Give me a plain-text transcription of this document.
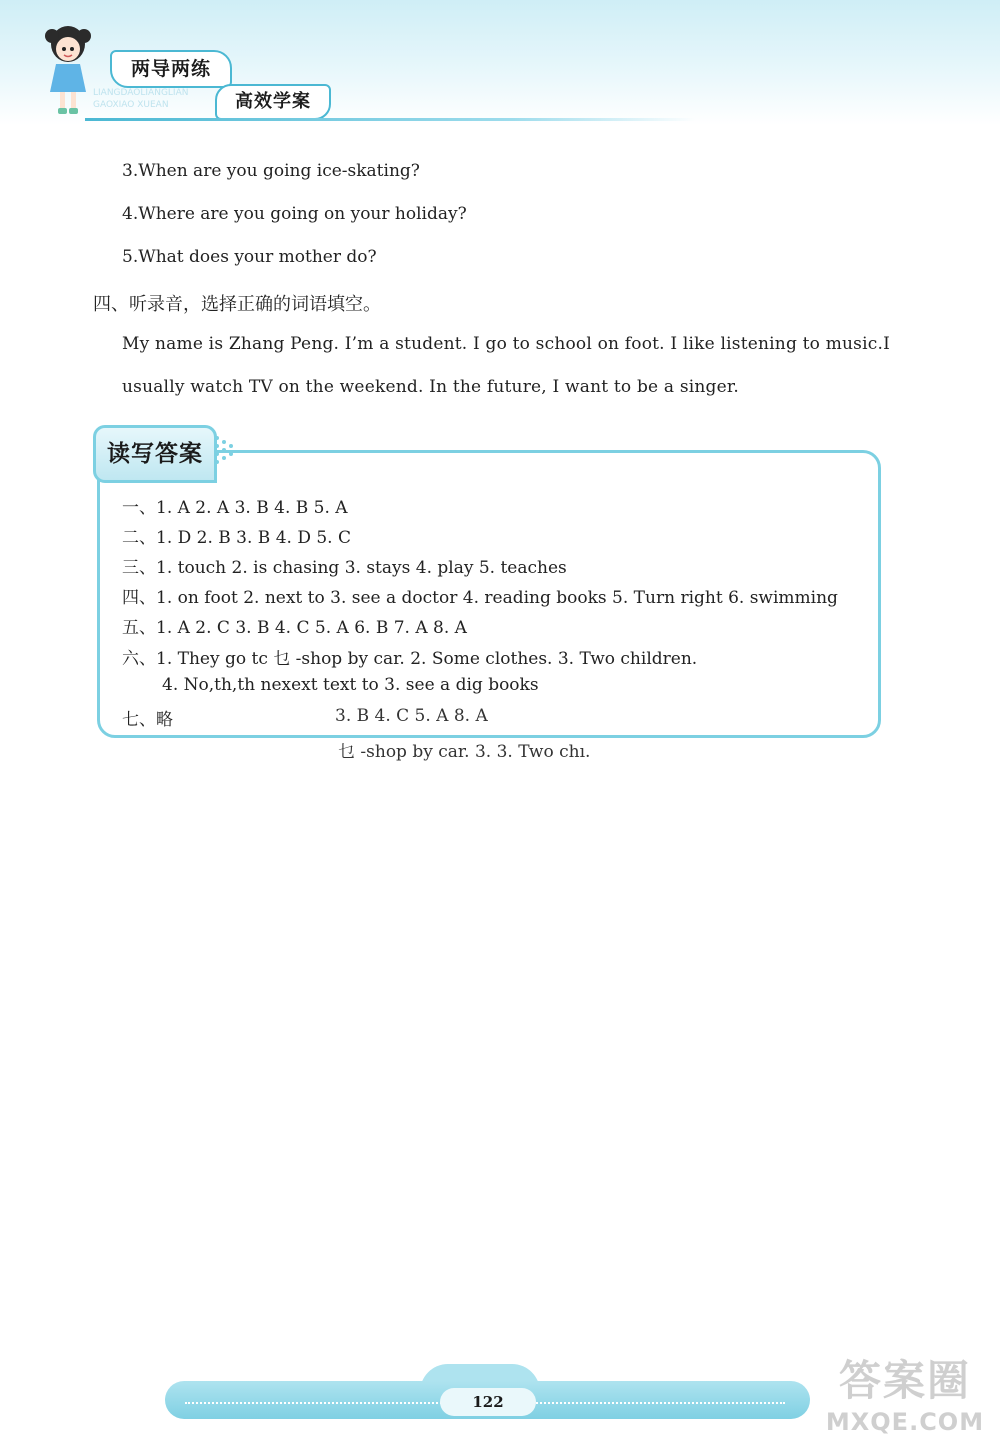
两导两练
LIANGDAOLIANGLIAN
GAOXIAO XUEAN	高效学案
3.When are you going ice-skating?
4.Where are you going on your holiday?
5.What does your mother do?
四、听录音，选择正确的词语填空。
My name is Zhang Peng. I’m a student. I go to school on foot. I like listening to music.I
usually watch TV on the weekend. In the future, I want to be a singer.
读写答案
一、1. A 2. A 3. B 4. B 5. A
二、1. D 2. B 3. B 4. D 5. C
三、1. touch 2. is chasing 3. stays 4. play 5. teaches
四、1. on foot 2. next to 3. see a doctor 4. reading books 5. Turn right 6. swimming
五、1. A 2. C 3. B 4. C 5. A 6. B 7. A 8. A
六、1. They go tc 乜 -shop by car. 2. Some clothes. 3. Two children.
4. No,th,th nexext text to 3. see a dig books
七、略	3. B 4. C 5. A 8. A
乜 -shop by car. 3. 3. Two chı.
122	答案圈
MXQE.COM
